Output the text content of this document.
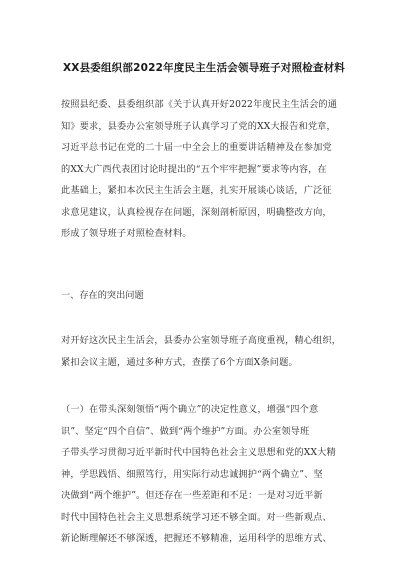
XX县委组织部2022年度民主生活会领导班子对照检查材料
按照县纪委、县委组织部《关于认真开好2022年度民主生活会的通
知》要求，县委办公室领导班子认真学习了党的XX大报告和党章，
习近平总书记在党的二十届一中全会上的重要讲话精神及在参加党
的XX大广西代表团讨论时提出的“五个牢牢把握”要求等内容，在
此基础上，紧扣本次民主生活会主题，扎实开展谈心谈话，广泛征
求意见建议，认真检视存在问题，深刻剖析原因，明确整改方向，
形成了领导班子对照检查材料。
一、存在的突出问题
对开好这次民主生活会，县委办公室领导班子高度重视，精心组织，
紧扣会议主题，通过多种方式，查摆了6个方面X条问题。
（一）在带头深刻领悟“两个确立”的决定性意义，增强“四个意
识”、坚定“四个自信”、做到“两个维护”方面。办公室领导班
子带头学习贯彻习近平新时代中国特色社会主义思想和党的XX大精
神，学思践悟、细照笃行，用实际行动忠诚拥护“两个确立”、坚
决做到“两个维护”。但还存在一些差距和不足：一是对习近平新
时代中国特色社会主义思想系统学习还不够全面。对一些新观点、
新论断理解还不够深透，把握还不够精准，运用科学的思维方式、
